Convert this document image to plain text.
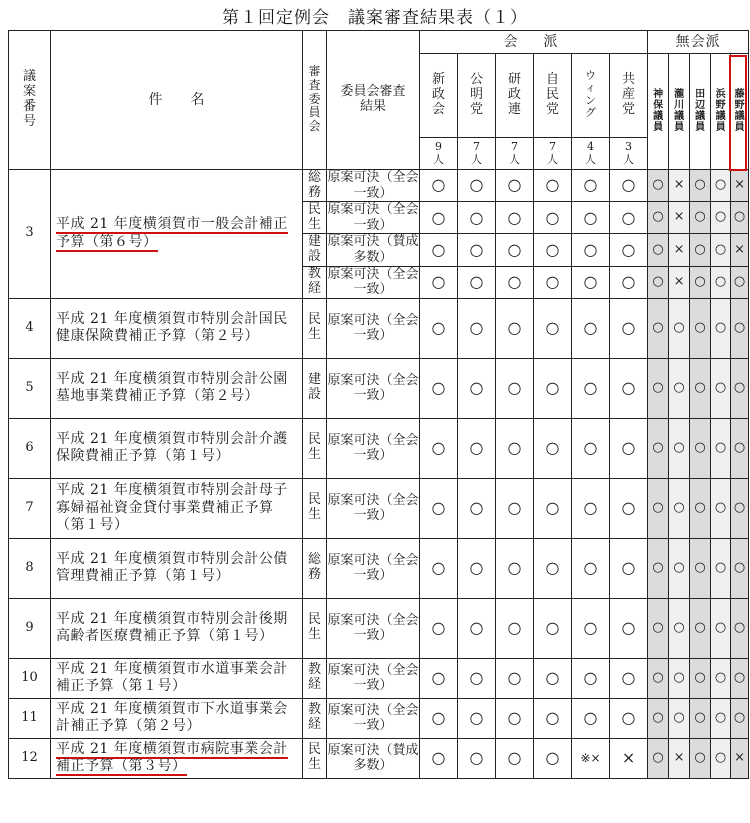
第１回定例会　議案審査結果表（１）
議案番号	件　　名	審査委員会	委員会審査結果	会　派						無会派				
				新政会	公明党	研政連	自民党	ウィング	共産党	神保議員	瀧川議員	田辺議員	浜野議員	藤野議員
				9人	7人	7人	7人	4人	3人					
3	平成 21 年度横須賀市一般会計補正予算（第６号）	総務	原案可決（全会一致）	○	○	○	○	○	○	○	×	○	○	×
		民生	原案可決（全会一致）	○	○	○	○	○	○	○	×	○	○	○
		建設	原案可決（賛成多数）	○	○	○	○	○	○	○	×	○	○	×
		教経	原案可決（全会一致）	○	○	○	○	○	○	○	×	○	○	○
4	平成 21 年度横須賀市特別会計国民健康保険費補正予算（第２号）	民生	原案可決（全会一致）	○	○	○	○	○	○	○	○	○	○	○
5	平成 21 年度横須賀市特別会計公園墓地事業費補正予算（第２号）	建設	原案可決（全会一致）	○	○	○	○	○	○	○	○	○	○	○
6	平成 21 年度横須賀市特別会計介護保険費補正予算（第１号）	民生	原案可決（全会一致）	○	○	○	○	○	○	○	○	○	○	○
7	平成 21 年度横須賀市特別会計母子寡婦福祉資金貸付事業費補正予算（第１号）	民生	原案可決（全会一致）	○	○	○	○	○	○	○	○	○	○	○
8	平成 21 年度横須賀市特別会計公債管理費補正予算（第１号）	総務	原案可決（全会一致）	○	○	○	○	○	○	○	○	○	○	○
9	平成 21 年度横須賀市特別会計後期高齢者医療費補正予算（第１号）	民生	原案可決（全会一致）	○	○	○	○	○	○	○	○	○	○	○
10	平成 21 年度横須賀市水道事業会計補正予算（第１号）	教経	原案可決（全会一致）	○	○	○	○	○	○	○	○	○	○	○
11	平成 21 年度横須賀市下水道事業会計補正予算（第２号）	教経	原案可決（全会一致）	○	○	○	○	○	○	○	○	○	○	○
12	平成 21 年度横須賀市病院事業会計補正予算（第３号）	民生	原案可決（賛成多数）	○	○	○	○	※×	×	○	×	○	○	×
